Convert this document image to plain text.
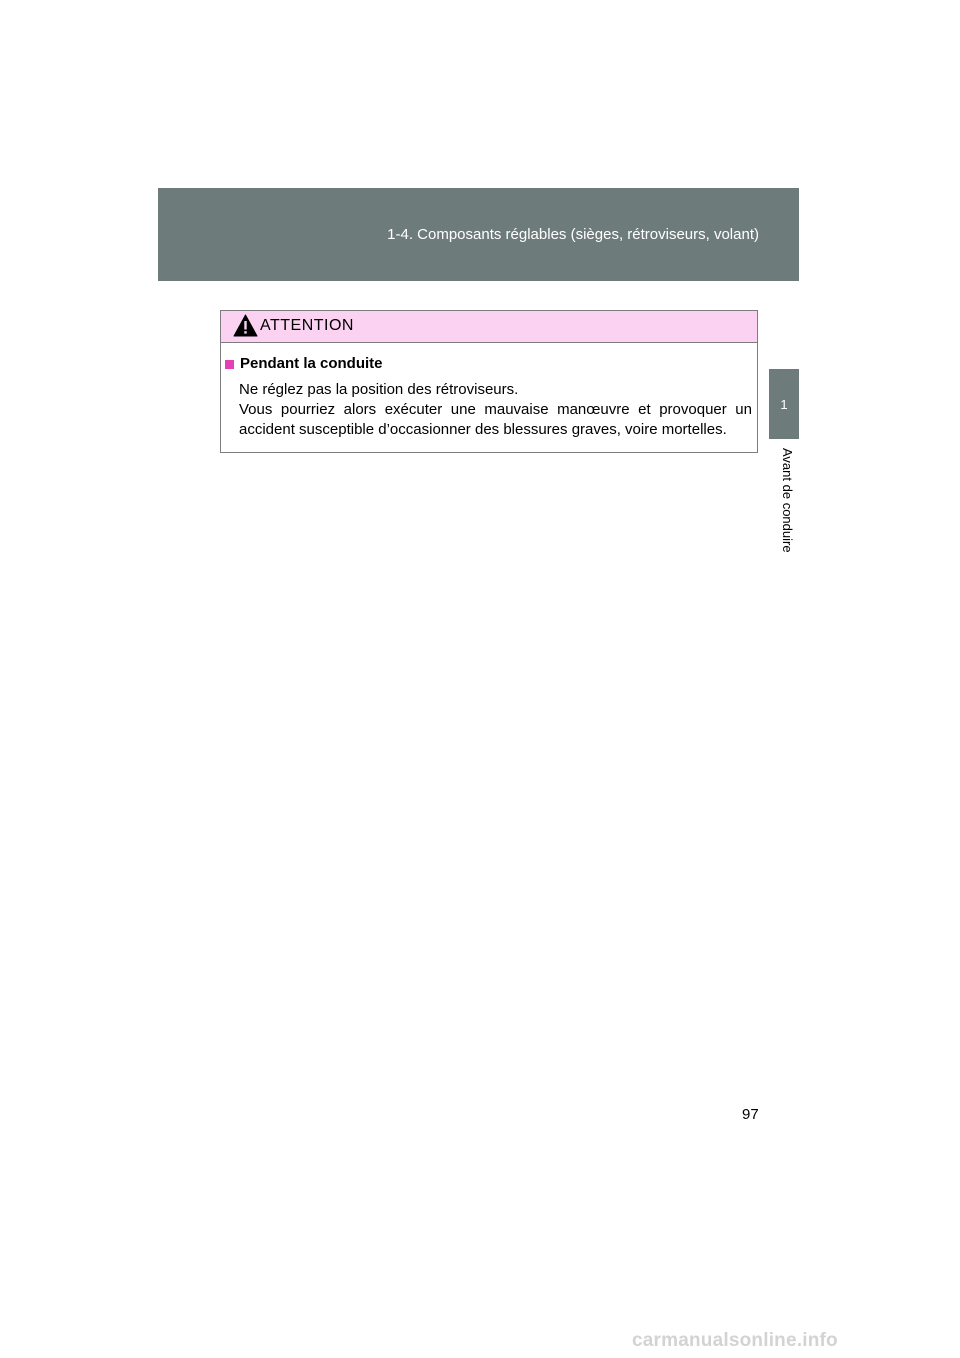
1-4. Composants réglables (sièges, rétroviseurs, volant)
1
Avant de conduire
ATTENTION
Pendant la conduite

Ne réglez pas la position des rétroviseurs.

Vous pourriez alors exécuter une mauvaise manœuvre et provoquer un accident susceptible d’occasionner des blessures graves, voire mortelles.

97
carmanualsonline.info
